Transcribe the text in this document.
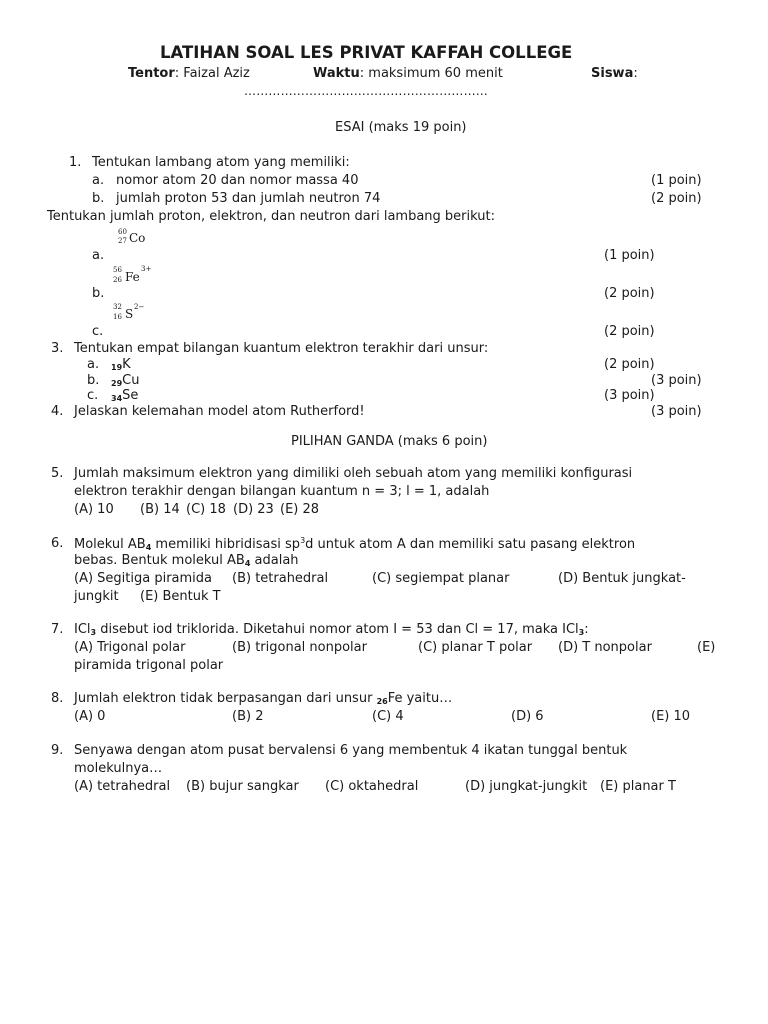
LATIHAN SOAL LES PRIVAT KAFFAH COLLEGE
Tentor: Faizal Aziz	Waktu: maksimum 60 menit	Siswa:
……………………………………………………
ESAI (maks 19 poin)
1. Tentukan lambang atom yang memiliki:
a. nomor atom 20 dan nomor massa 40	(1 poin)
b. jumlah proton 53 dan jumlah neutron 74	(2 poin)
Tentukan jumlah proton, elektron, dan neutron dari lambang berikut:
60
27 Co
a.	(1 poin)
56
26 Fe
3+
b.	(2 poin)
32
16 S 2−
c.	(2 poin)
3. Tentukan empat bilangan kuantum elektron terakhir dari unsur:
a. 19K	(2 poin)
b. 29Cu	(3 poin)
c. 34Se	(3 poin)
4. Jelaskan kelemahan model atom Rutherford!	(3 poin)
PILIHAN GANDA (maks 6 poin)
5. Jumlah maksimum elektron yang dimiliki oleh sebuah atom yang memiliki konfigurasi
elektron terakhir dengan bilangan kuantum n = 3; l = 1, adalah
(A) 10 (B) 14 (C) 18 (D) 23 (E) 28
6. Molekul AB4 memiliki hibridisasi $sp^3d$ untuk atom A dan memiliki satu pasang elektron
bebas. Bentuk molekul AB4 adalah
(A) Segitiga piramida (B) tetrahedral	(C) segiempat planar	(D) Bentuk jungkat-
jungkit (E) Bentuk T
7. ICl3 disebut iod triklorida. Diketahui nomor atom I = 53 dan Cl = 17, maka ICl3:
(A) Trigonal polar	(B) trigonal nonpolar	(C) planar T polar (D) T nonpolar	(E)
piramida trigonal polar
8. Jumlah elektron tidak berpasangan dari unsur 26Fe yaitu…
(A) 0	(B) 2	(C) 4	(D) 6	(E) 10
9. Senyawa dengan atom pusat bervalensi 6 yang membentuk 4 ikatan tunggal bentuk
molekulnya…
(A) tetrahedral (B) bujur sangkar (C) oktahedral	(D) jungkat-jungkit (E) planar T
